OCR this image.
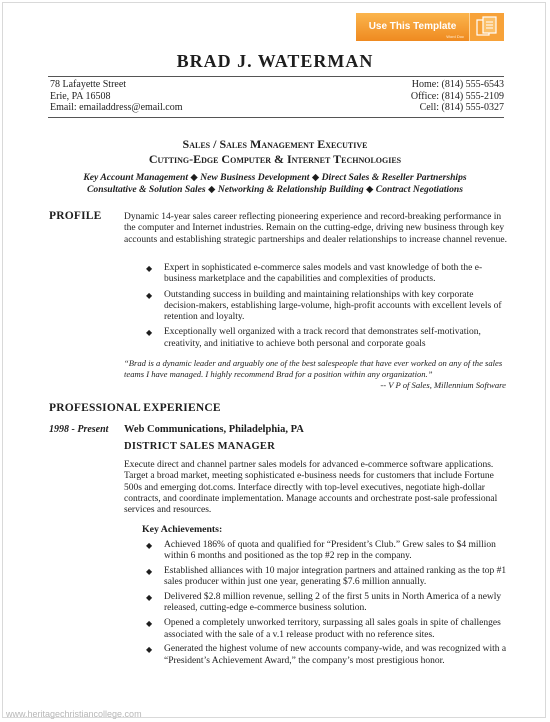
Use This Template
Word Doc
BRAD J. WATERMAN
78 Lafayette Street
Erie, PA 16508
Email: emailaddress@email.com
Home: (814) 555-6543
Office: (814) 555-2109
Cell: (814) 555-0327
Sales / Sales Management Executive
Cutting-Edge Computer & Internet Technologies
Key Account Management ◆ New Business Development ◆ Direct Sales & Reseller Partnerships
Consultative & Solution Sales ◆ Networking & Relationship Building ◆ Contract Negotiations
PROFILE Dynamic 14-year sales career reflecting pioneering experience and record-breaking performance in the computer and Internet industries. Remain on the cutting-edge, driving new business through key accounts and establishing strategic partnerships and dealer relationships to increase channel revenue.

◆ Expert in sophisticated e-commerce sales models and vast knowledge of both the e-business marketplace and the capabilities and complexities of products.
◆ Outstanding success in building and maintaining relationships with key corporate decision-makers, establishing large-volume, high-profit accounts with excellent levels of retention and loyalty.
◆ Exceptionally well organized with a track record that demonstrates self-motivation, creativity, and initiative to achieve both personal and corporate goals

“Brad is a dynamic leader and arguably one of the best salespeople that have ever worked on any of the sales teams I have managed. I highly recommend Brad for a position within any organization.”

-- V P of Sales, Millennium Software
PROFESSIONAL EXPERIENCE
1998 - Present Web Communications, Philadelphia, PA
DISTRICT SALES MANAGER

Execute direct and channel partner sales models for advanced e-commerce software applications. Target a broad market, meeting sophisticated e-business needs for customers that include Fortune 500s and emerging dot.coms. Interface directly with top-level executives, negotiate high-dollar contracts, and coordinate implementation. Manage accounts and orchestrate post-sale professional services and resources.

Key Achievements:
◆ Achieved 186% of quota and qualified for “President’s Club.” Grew sales to $4 million within 6 months and positioned as the top #2 rep in the company.
◆ Established alliances with 10 major integration partners and attained ranking as the top #1 sales producer within just one year, generating $7.6 million annually.
◆ Delivered $2.8 million revenue, selling 2 of the first 5 units in North America of a newly released, cutting-edge e-commerce business solution.
◆ Opened a completely unworked territory, surpassing all sales goals in spite of challenges associated with the sale of a v.1 release product with no reference sites.
◆ Generated the highest volume of new accounts company-wide, and was recognized with a “President’s Achievement Award,” the company’s most prestigious honor.
www.heritagechristiancollege.com
